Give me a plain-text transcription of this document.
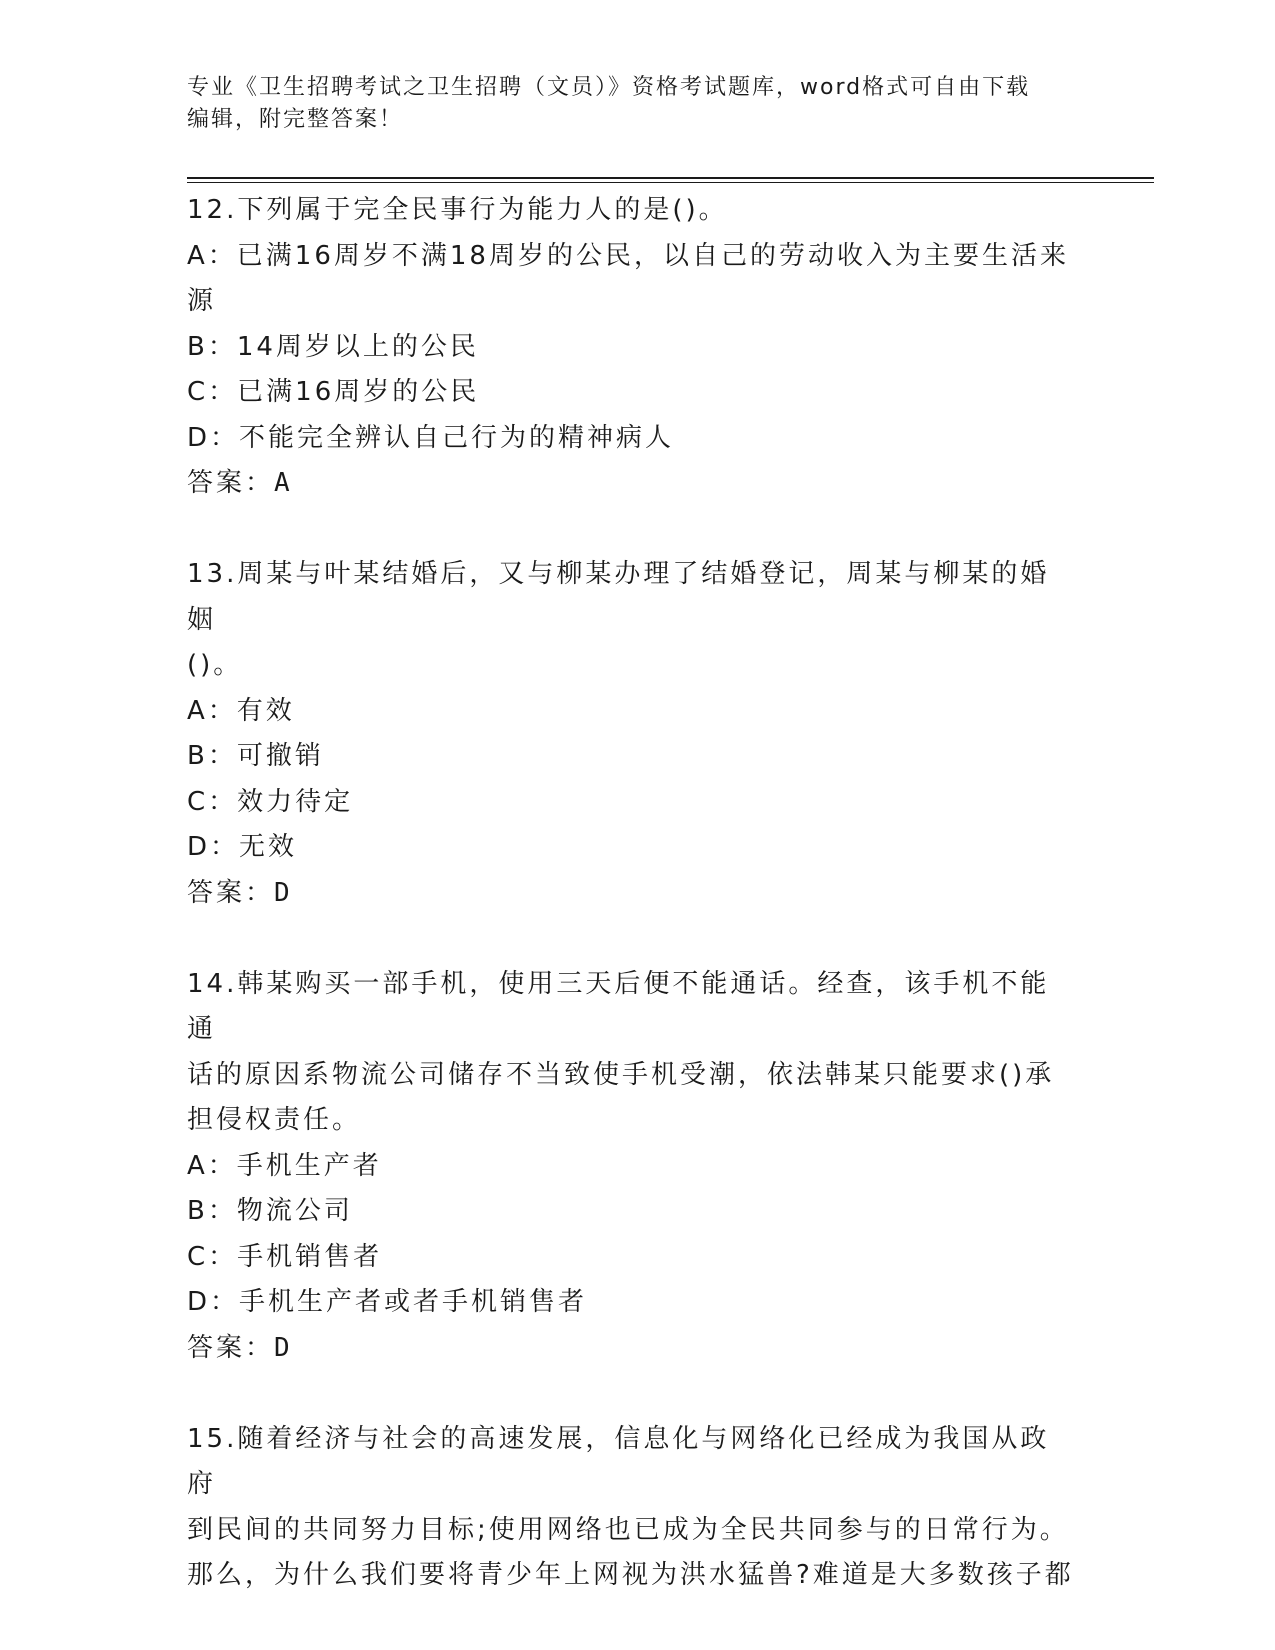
专业《卫生招聘考试之卫生招聘（文员）》资格考试题库，word格式可自由下载
编辑，附完整答案！
12.下列属于完全民事行为能力人的是()。
A：已满16周岁不满18周岁的公民，以自己的劳动收入为主要生活来
源
B：14周岁以上的公民
C：已满16周岁的公民
D：不能完全辨认自己行为的精神病人
答案：A
13.周某与叶某结婚后，又与柳某办理了结婚登记，周某与柳某的婚姻
()。
A：有效
B：可撤销
C：效力待定
D：无效
答案：D
14.韩某购买一部手机，使用三天后便不能通话。经查，该手机不能通
话的原因系物流公司储存不当致使手机受潮，依法韩某只能要求()承
担侵权责任。
A：手机生产者
B：物流公司
C：手机销售者
D：手机生产者或者手机销售者
答案：D
15.随着经济与社会的高速发展，信息化与网络化已经成为我国从政府
到民间的共同努力目标;使用网络也已成为全民共同参与的日常行为。
那么，为什么我们要将青少年上网视为洪水猛兽?难道是大多数孩子都
